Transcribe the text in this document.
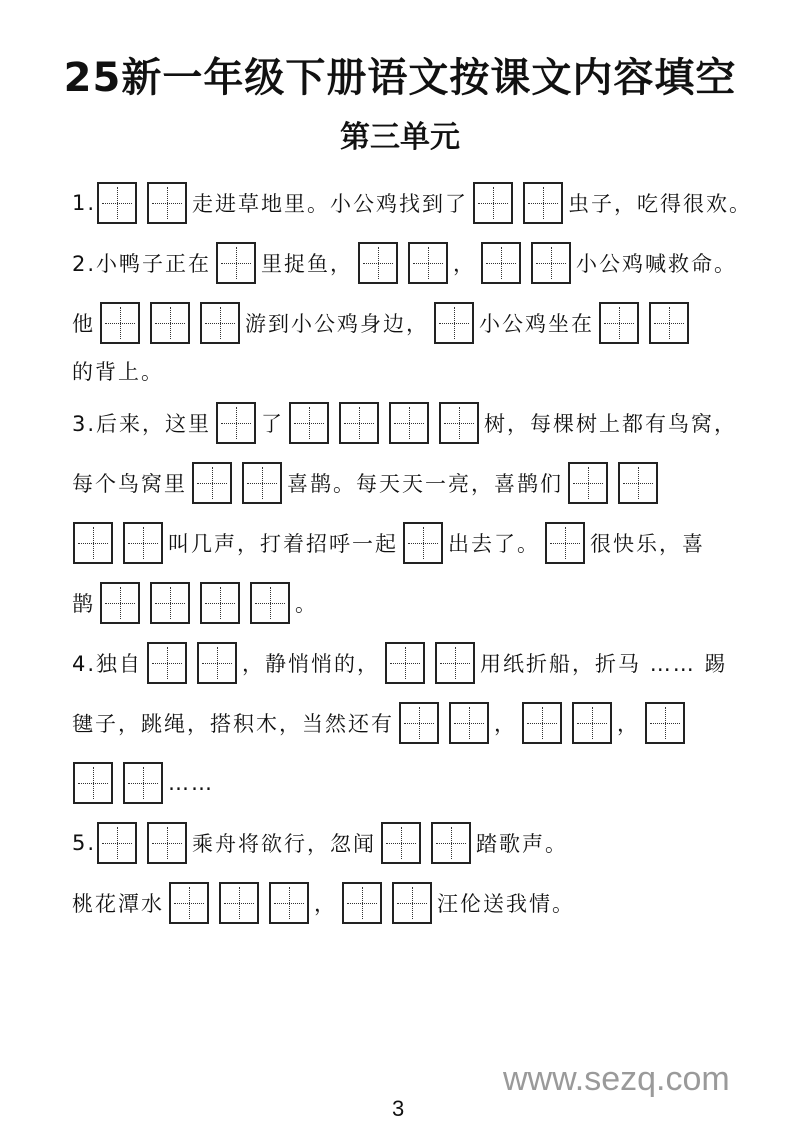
25新一年级下册语文按课文内容填空
第三单元
1.	走进草地里。小公鸡找到了	虫子，吃得很欢。
2.小鸭子正在 里捉鱼，	，	小公鸡喊救命。
他	游到小公鸡身边， 小公鸡坐在
的背上。
3.后来，这里 了	树，每棵树上都有鸟窝，
每个鸟窝里	喜鹊。每天天一亮，喜鹊们
叫几声，打着招呼一起 出去了。 很快乐，喜
鹊	。
4.独自	，静悄悄的，	用纸折船，折马 …… 踢
毽子，跳绳，搭积木，当然还有	，	，
……
5.	乘舟将欲行，忽闻	踏歌声。
桃花潭水	，	汪伦送我情。
www.sezq.com
3
